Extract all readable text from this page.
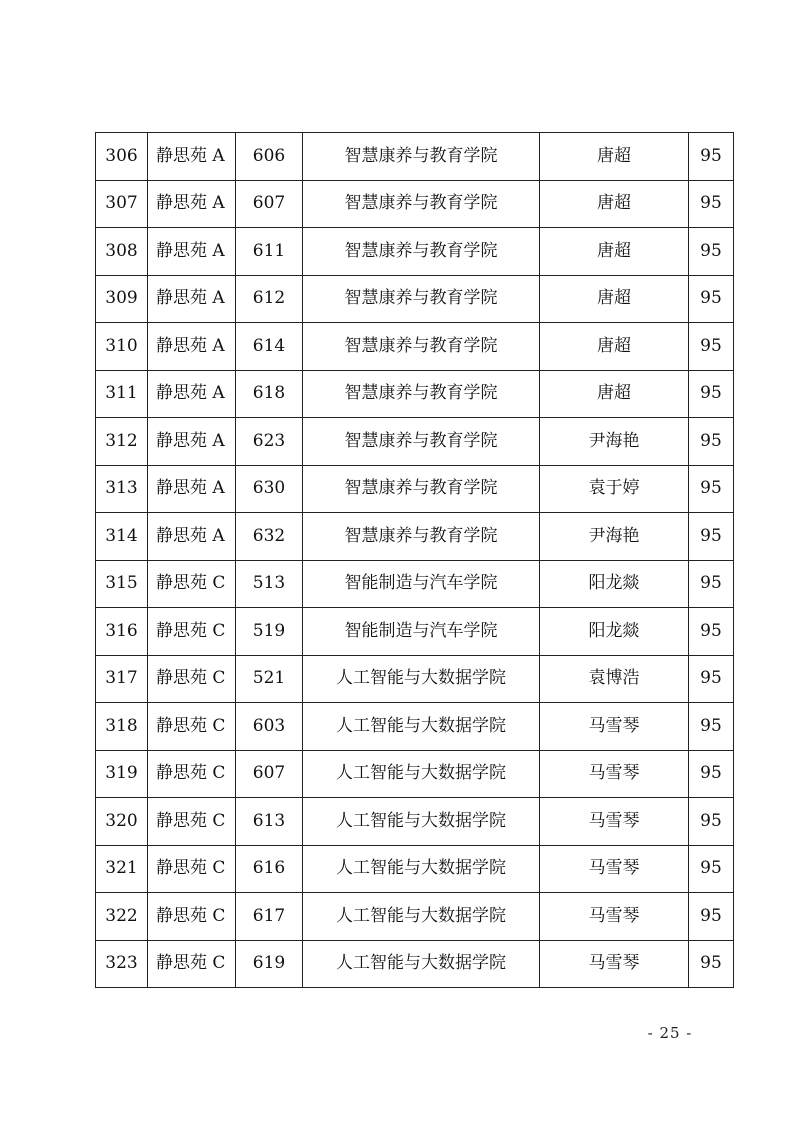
306	静思苑 A	606	智慧康养与教育学院	唐超	95
307	静思苑 A	607	智慧康养与教育学院	唐超	95
308	静思苑 A	611	智慧康养与教育学院	唐超	95
309	静思苑 A	612	智慧康养与教育学院	唐超	95
310	静思苑 A	614	智慧康养与教育学院	唐超	95
311	静思苑 A	618	智慧康养与教育学院	唐超	95
312	静思苑 A	623	智慧康养与教育学院	尹海艳	95
313	静思苑 A	630	智慧康养与教育学院	袁于婷	95
314	静思苑 A	632	智慧康养与教育学院	尹海艳	95
315	静思苑 C	513	智能制造与汽车学院	阳龙燚	95
316	静思苑 C	519	智能制造与汽车学院	阳龙燚	95
317	静思苑 C	521	人工智能与大数据学院	袁博浩	95
318	静思苑 C	603	人工智能与大数据学院	马雪琴	95
319	静思苑 C	607	人工智能与大数据学院	马雪琴	95
320	静思苑 C	613	人工智能与大数据学院	马雪琴	95
321	静思苑 C	616	人工智能与大数据学院	马雪琴	95
322	静思苑 C	617	人工智能与大数据学院	马雪琴	95
323	静思苑 C	619	人工智能与大数据学院	马雪琴	95
- 25 -
